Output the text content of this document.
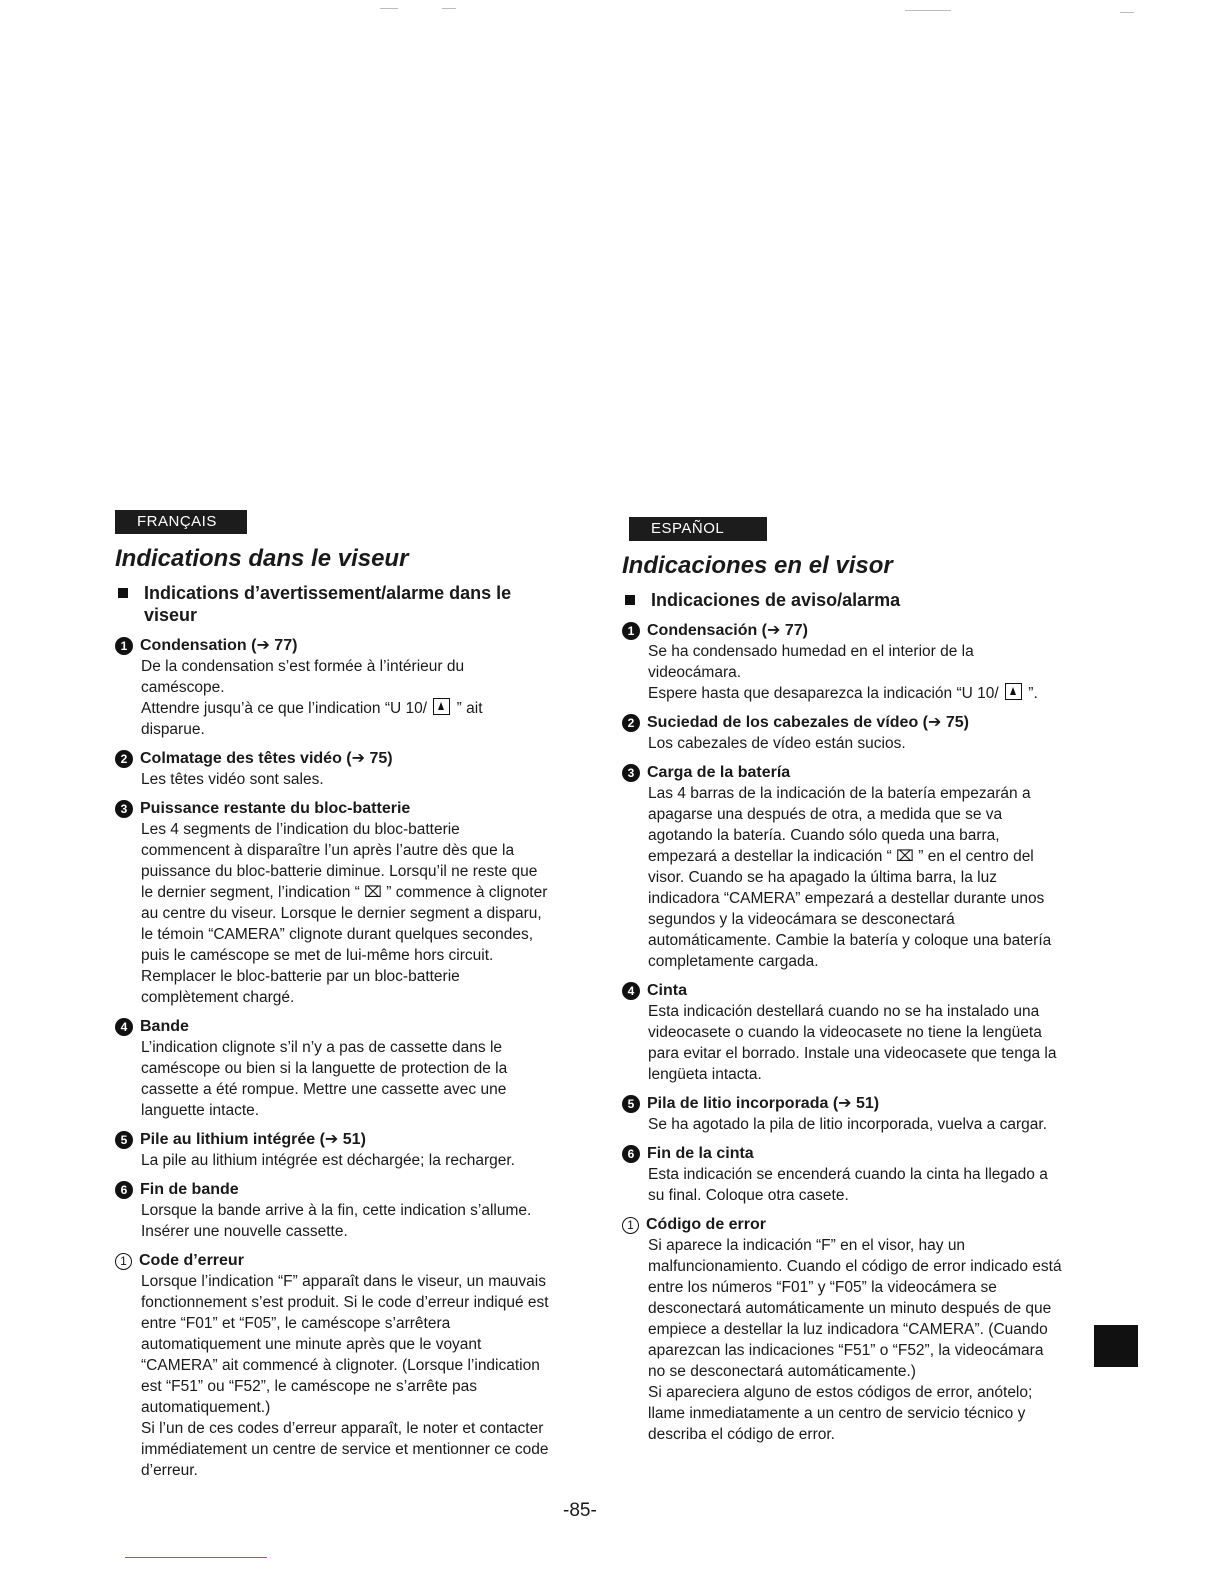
FRANÇAIS
Indications dans le viseur
Indications d’avertissement/alarme dans le viseur
1 Condensation (➔ 77)
De la condensation s’est formée à l’intérieur du caméscope.
Attendre jusqu’à ce que l’indication “U 10/  ” ait disparue.
2 Colmatage des têtes vidéo (➔ 75)
Les têtes vidéo sont sales.
3 Puissance restante du bloc-batterie
Les 4 segments de l’indication du bloc-batterie commencent à disparaître l’un après l’autre dès que la puissance du bloc-batterie diminue. Lorsqu’il ne reste que le dernier segment, l’indication “ ⌧ ” commence à clignoter au centre du viseur. Lorsque le dernier segment a disparu, le témoin “CAMERA” clignote durant quelques secondes, puis le caméscope se met de lui-même hors circuit. Remplacer le bloc-batterie par un bloc-batterie complètement chargé.
4 Bande
L’indication clignote s’il n’y a pas de cassette dans le caméscope ou bien si la languette de protection de la cassette a été rompue. Mettre une cassette avec une languette intacte.
5 Pile au lithium intégrée (➔ 51)
La pile au lithium intégrée est déchargée; la recharger.
6 Fin de bande
Lorsque la bande arrive à la fin, cette indication s’allume. Insérer une nouvelle cassette.
1 Code d’erreur
Lorsque l’indication “F” apparaît dans le viseur, un mauvais fonctionnement s’est produit. Si le code d’erreur indiqué est entre “F01” et “F05”, le caméscope s’arrêtera automatiquement une minute après que le voyant “CAMERA” ait commencé à clignoter. (Lorsque l’indication est “F51” ou “F52”, le caméscope ne s’arrête pas automatiquement.)
Si l’un de ces codes d’erreur apparaît, le noter et contacter immédiatement un centre de service et mentionner ce code d’erreur.
ESPAÑOL
Indicaciones en el visor
Indicaciones de aviso/alarma
1 Condensación (➔ 77)
Se ha condensado humedad en el interior de la videocámara.
Espere hasta que desaparezca la indicación “U 10/  ”.
2 Suciedad de los cabezales de vídeo (➔ 75)
Los cabezales de vídeo están sucios.
3 Carga de la batería
Las 4 barras de la indicación de la batería empezarán a apagarse una después de otra, a medida que se va agotando la batería. Cuando sólo queda una barra, empezará a destellar la indicación “ ⌧ ” en el centro del visor. Cuando se ha apagado la última barra, la luz indicadora “CAMERA” empezará a destellar durante unos segundos y la videocámara se desconectará automáticamente. Cambie la batería y coloque una batería completamente cargada.
4 Cinta
Esta indicación destellará cuando no se ha instalado una videocasete o cuando la videocasete no tiene la lengüeta para evitar el borrado. Instale una videocasete que tenga la lengüeta intacta.
5 Pila de litio incorporada (➔ 51)
Se ha agotado la pila de litio incorporada, vuelva a cargar.
6 Fin de la cinta
Esta indicación se encenderá cuando la cinta ha llegado a su final. Coloque otra casete.
1 Código de error
Si aparece la indicación “F” en el visor, hay un malfuncionamiento. Cuando el código de error indicado está entre los números “F01” y “F05” la videocámera se desconectará automáticamente un minuto después de que empiece a destellar la luz indicadora “CAMERA”. (Cuando aparezcan las indicaciones “F51” o “F52”, la videocámara no se desconectará automáticamente.)
Si apareciera alguno de estos códigos de error, anótelo; llame inmediatamente a un centro de servicio técnico y describa el código de error.
-85-
